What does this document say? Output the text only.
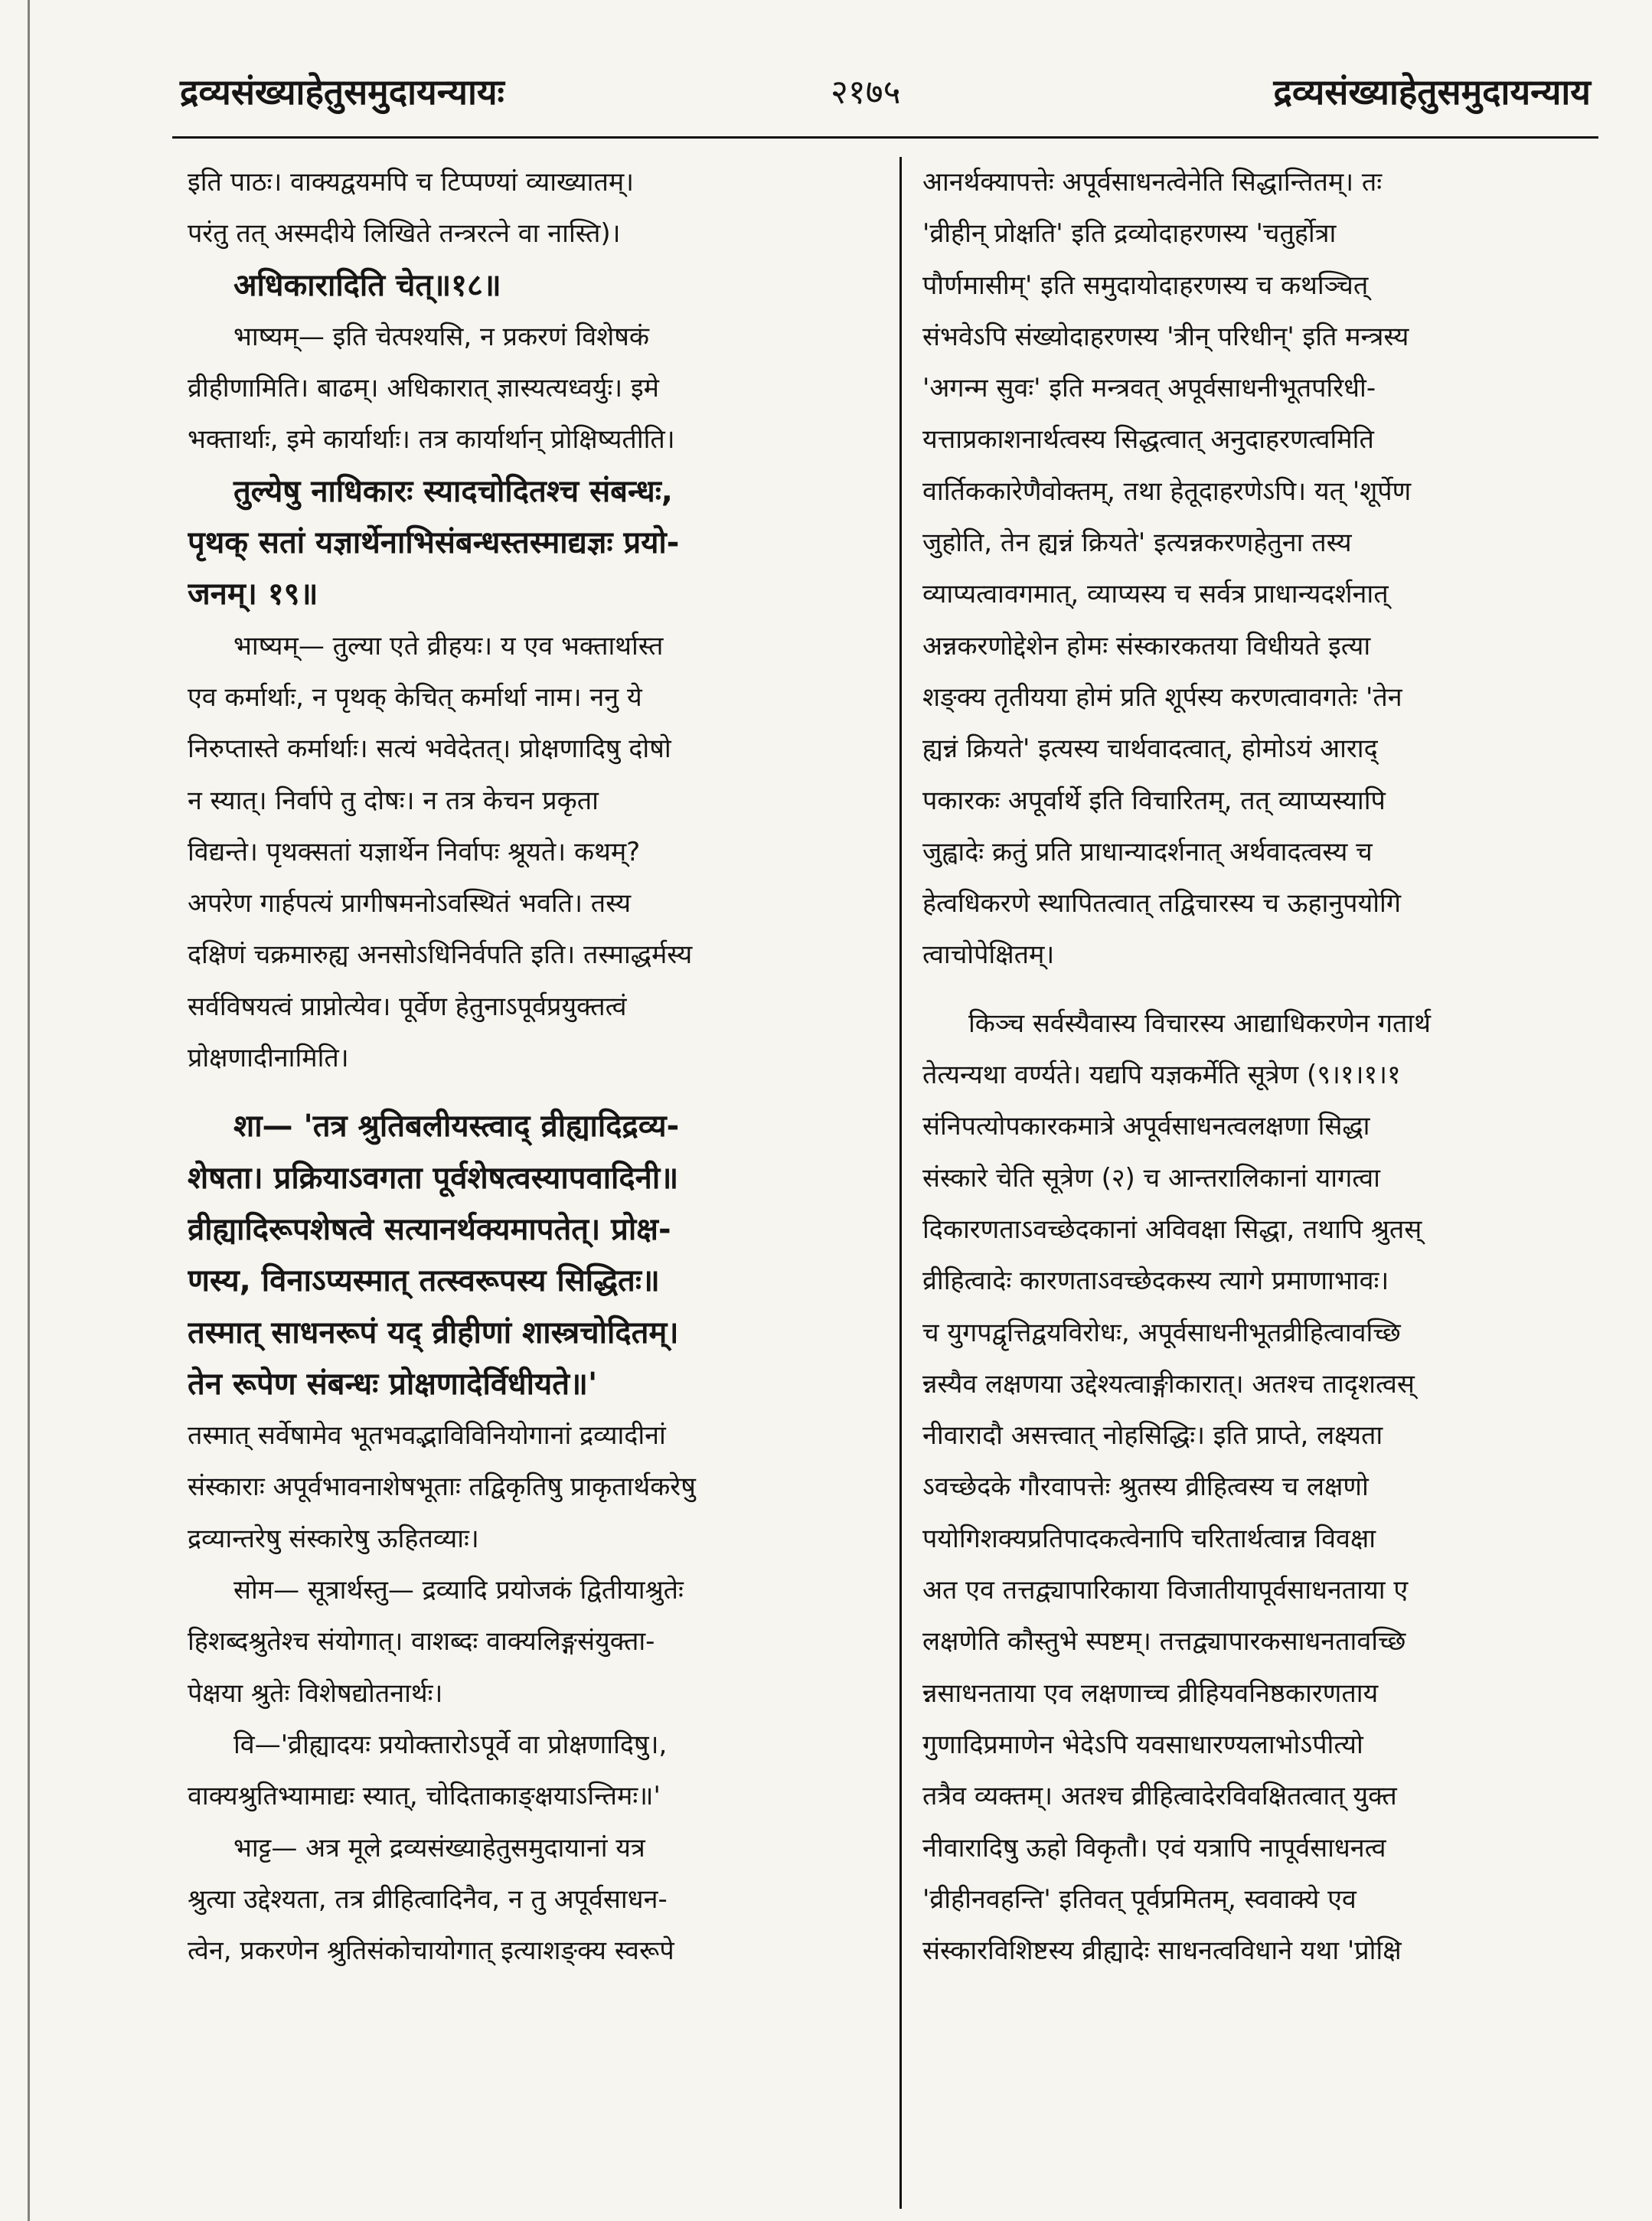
द्रव्यसंख्याहेतुसमुदायन्यायः	२१७५	द्रव्यसंख्याहेतुसमुदायन्याय
इति पाठः। वाक्यद्वयमपि च टिप्पण्यां व्याख्यातम्।
परंतु तत् अस्मदीये लिखिते तन्त्ररत्ने वा नास्ति)।
अधिकारादिति चेत्॥१८॥
भाष्यम्— इति चेत्पश्यसि, न प्रकरणं विशेषकं
व्रीहीणामिति। बाढम्। अधिकारात् ज्ञास्यत्यध्वर्युः। इमे
भक्तार्थाः, इमे कार्यार्थाः। तत्र कार्यार्थान् प्रोक्षिष्यतीति।
तुल्येषु नाधिकारः स्यादचोदितश्च संबन्धः,
पृथक् सतां यज्ञार्थेनाभिसंबन्धस्तस्माद्यज्ञः प्रयो-
जनम्। १९॥
भाष्यम्— तुल्या एते व्रीहयः। य एव भक्तार्थास्त
एव कर्मार्थाः, न पृथक् केचित् कर्मार्था नाम। ननु ये
निरुप्तास्ते कर्मार्थाः। सत्यं भवेदेतत्। प्रोक्षणादिषु दोषो
न स्यात्। निर्वापे तु दोषः। न तत्र केचन प्रकृता
विद्यन्ते। पृथक्सतां यज्ञार्थेन निर्वापः श्रूयते। कथम्?
अपरेण गार्हपत्यं प्रागीषमनोऽवस्थितं भवति। तस्य
दक्षिणं चक्रमारुह्य अनसोऽधिनिर्वपति इति। तस्माद्धर्मस्य
सर्वविषयत्वं प्राप्नोत्येव। पूर्वेण हेतुनाऽपूर्वप्रयुक्तत्वं
प्रोक्षणादीनामिति।
शा— 'तत्र श्रुतिबलीयस्त्वाद् व्रीह्यादिद्रव्य-
शेषता। प्रक्रियाऽवगता पूर्वशेषत्वस्यापवादिनी॥
व्रीह्यादिरूपशेषत्वे सत्यानर्थक्यमापतेत्। प्रोक्ष-
णस्य, विनाऽप्यस्मात् तत्स्वरूपस्य सिद्धितः॥
तस्मात् साधनरूपं यद् व्रीहीणां शास्त्रचोदितम्।
तेन रूपेण संबन्धः प्रोक्षणादेर्विधीयते॥'
तस्मात् सर्वेषामेव भूतभवद्भाविविनियोगानां द्रव्यादीनां
संस्काराः अपूर्वभावनाशेषभूताः तद्विकृतिषु प्राकृतार्थकरेषु
द्रव्यान्तरेषु संस्कारेषु ऊहितव्याः।
सोम— सूत्रार्थस्तु— द्रव्यादि प्रयोजकं द्वितीयाश्रुतेः
हिशब्दश्रुतेश्च संयोगात्। वाशब्दः वाक्यलिङ्गसंयुक्ता-
पेक्षया श्रुतेः विशेषद्योतनार्थः।
वि—'व्रीह्यादयः प्रयोक्तारोऽपूर्वे वा प्रोक्षणादिषु।,
वाक्यश्रुतिभ्यामाद्यः स्यात्, चोदिताकाङ्क्षयाऽन्तिमः॥'
भाट्ट— अत्र मूले द्रव्यसंख्याहेतुसमुदायानां यत्र
श्रुत्या उद्देश्यता, तत्र व्रीहित्वादिनैव, न तु अपूर्वसाधन-
त्वेन, प्रकरणेन श्रुतिसंकोचायोगात् इत्याशङ्क्य स्वरूपे
आनर्थक्यापत्तेः अपूर्वसाधनत्वेनेति सिद्धान्तितम्। तः
'व्रीहीन् प्रोक्षति' इति द्रव्योदाहरणस्य 'चतुर्होत्रा
पौर्णमासीम्' इति समुदायोदाहरणस्य च कथञ्चित्
संभवेऽपि संख्योदाहरणस्य 'त्रीन् परिधीन्' इति मन्त्रस्य
'अगन्म सुवः' इति मन्त्रवत् अपूर्वसाधनीभूतपरिधी-
यत्ताप्रकाशनार्थत्वस्य सिद्धत्वात् अनुदाहरणत्वमिति
वार्तिककारेणैवोक्तम्, तथा हेतूदाहरणेऽपि। यत् 'शूर्पेण
जुहोति, तेन ह्यन्नं क्रियते' इत्यन्नकरणहेतुना तस्य
व्याप्यत्वावगमात्, व्याप्यस्य च सर्वत्र प्राधान्यदर्शनात्
अन्नकरणोद्देशेन होमः संस्कारकतया विधीयते इत्या
शङ्क्य तृतीयया होमं प्रति शूर्पस्य करणत्वावगतेः 'तेन
ह्यन्नं क्रियते' इत्यस्य चार्थवादत्वात्, होमोऽयं आराद्
पकारकः अपूर्वार्थे इति विचारितम्, तत् व्याप्यस्यापि
जुह्वादेः क्रतुं प्रति प्राधान्यादर्शनात् अर्थवादत्वस्य च
हेत्वधिकरणे स्थापितत्वात् तद्विचारस्य च ऊहानुपयोगि
त्वाचोपेक्षितम्।
किञ्च सर्वस्यैवास्य विचारस्य आद्याधिकरणेन गतार्थ
तेत्यन्यथा वर्ण्यते। यद्यपि यज्ञकर्मेति सूत्रेण (९।१।१।१
संनिपत्योपकारकमात्रे अपूर्वसाधनत्वलक्षणा सिद्धा
संस्कारे चेति सूत्रेण (२) च आन्तरालिकानां यागत्वा
दिकारणताऽवच्छेदकानां अविवक्षा सिद्धा, तथापि श्रुतस्
व्रीहित्वादेः कारणताऽवच्छेदकस्य त्यागे प्रमाणाभावः।
च युगपद्वृत्तिद्वयविरोधः, अपूर्वसाधनीभूतव्रीहित्वावच्छि
न्नस्यैव लक्षणया उद्देश्यत्वाङ्गीकारात्। अतश्च तादृशत्वस्
नीवारादौ असत्त्वात् नोहसिद्धिः। इति प्राप्ते, लक्ष्यता
ऽवच्छेदके गौरवापत्तेः श्रुतस्य व्रीहित्वस्य च लक्षणो
पयोगिशक्यप्रतिपादकत्वेनापि चरितार्थत्वान्न विवक्षा
अत एव तत्तद्व्यापारिकाया विजातीयापूर्वसाधनताया ए
लक्षणेति कौस्तुभे स्पष्टम्। तत्तद्व्यापारकसाधनतावच्छि
न्नसाधनताया एव लक्षणाच्च व्रीहियवनिष्ठकारणताय
गुणादिप्रमाणेन भेदेऽपि यवसाधारण्यलाभोऽपीत्यो
तत्रैव व्यक्तम्। अतश्च व्रीहित्वादेरविवक्षितत्वात् युक्त
नीवारादिषु ऊहो विकृतौ। एवं यत्रापि नापूर्वसाधनत्व
'व्रीहीनवहन्ति' इतिवत् पूर्वप्रमितम्, स्ववाक्ये एव
संस्कारविशिष्टस्य व्रीह्यादेः साधनत्वविधाने यथा 'प्रोक्षि
